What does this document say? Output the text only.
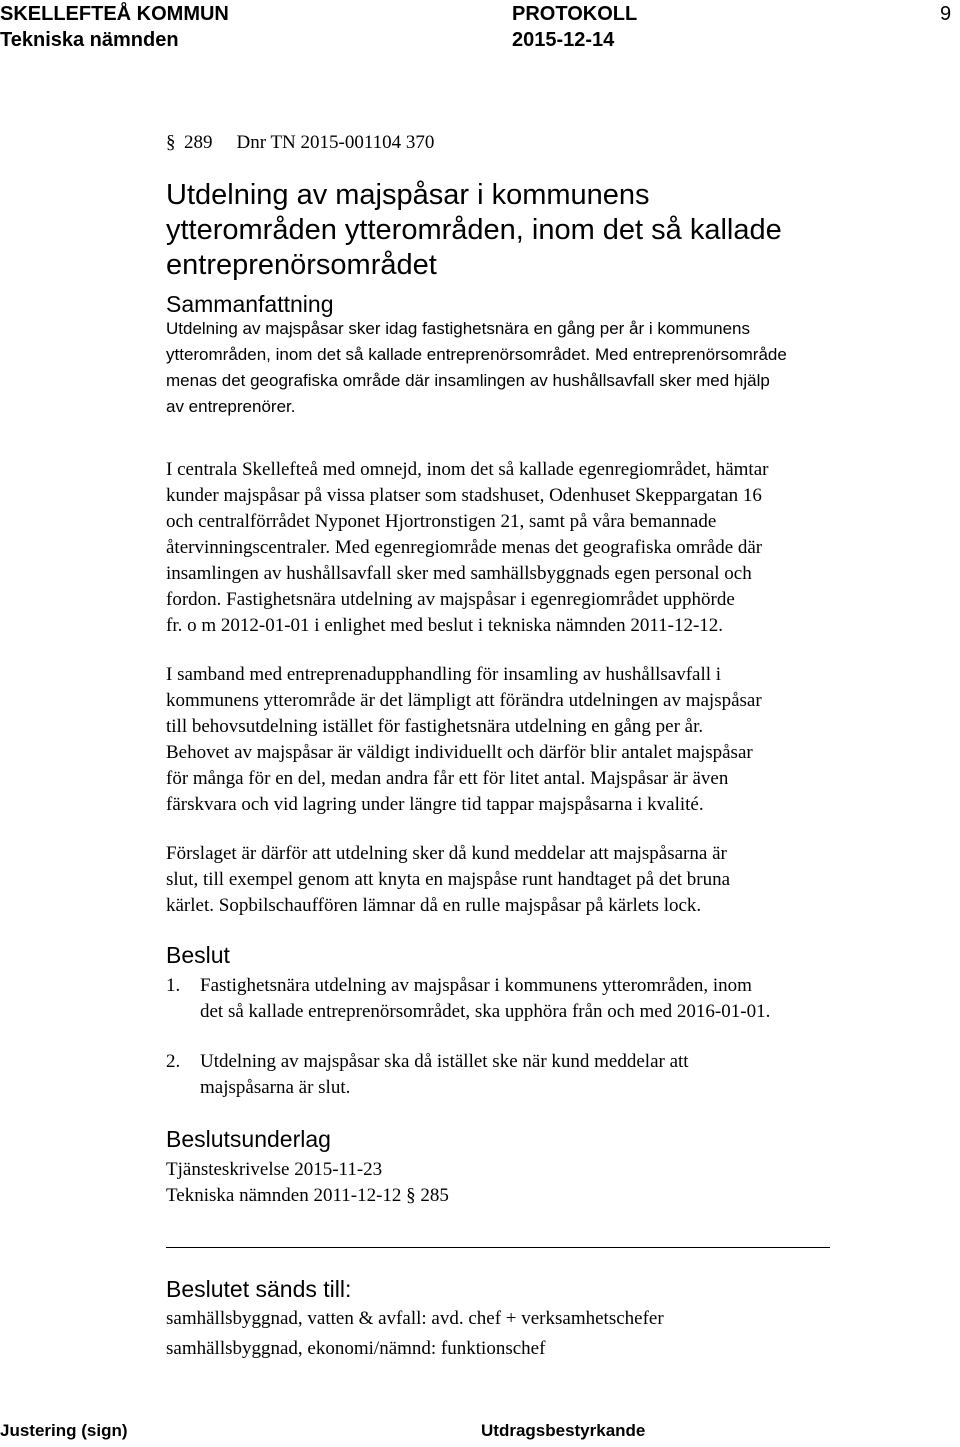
SKELLEFTEÅ KOMMUN
Tekniska nämnden
PROTOKOLL
2015-12-14
9
§ 289 Dnr TN 2015-001104 370
Utdelning av majspåsar i kommunens
ytterområden ytterområden, inom det så kallade
entreprenörsområdet
Sammanfattning
Utdelning av majspåsar sker idag fastighetsnära en gång per år i kommunens
ytterområden, inom det så kallade entreprenörsområdet. Med entreprenörsområde
menas det geografiska område där insamlingen av hushållsavfall sker med hjälp
av entreprenörer.
I centrala Skellefteå med omnejd, inom det så kallade egenregiområdet, hämtar
kunder majspåsar på vissa platser som stadshuset, Odenhuset Skeppargatan 16
och centralförrådet Nyponet Hjortronstigen 21, samt på våra bemannade
återvinningscentraler. Med egenregiområde menas det geografiska område där
insamlingen av hushållsavfall sker med samhällsbyggnads egen personal och
fordon. Fastighetsnära utdelning av majspåsar i egenregiområdet upphörde
fr. o m 2012-01-01 i enlighet med beslut i tekniska nämnden 2011-12-12.
I samband med entreprenadupphandling för insamling av hushållsavfall i
kommunens ytterområde är det lämpligt att förändra utdelningen av majspåsar
till behovsutdelning istället för fastighetsnära utdelning en gång per år.
Behovet av majspåsar är väldigt individuellt och därför blir antalet majspåsar
för många för en del, medan andra får ett för litet antal. Majspåsar är även
färskvara och vid lagring under längre tid tappar majspåsarna i kvalité.
Förslaget är därför att utdelning sker då kund meddelar att majspåsarna är
slut, till exempel genom att knyta en majspåse runt handtaget på det bruna
kärlet. Sopbilschauffören lämnar då en rulle majspåsar på kärlets lock.
Beslut
1. Fastighetsnära utdelning av majspåsar i kommunens ytterområden, inom
det så kallade entreprenörsområdet, ska upphöra från och med 2016-01-01.
2. Utdelning av majspåsar ska då istället ske när kund meddelar att
majspåsarna är slut.
Beslutsunderlag
Tjänsteskrivelse 2015-11-23
Tekniska nämnden 2011-12-12 § 285
Beslutet sänds till:
samhällsbyggnad, vatten & avfall: avd. chef + verksamhetschefer
samhällsbyggnad, ekonomi/nämnd: funktionschef
Justering (sign)	Utdragsbestyrkande
